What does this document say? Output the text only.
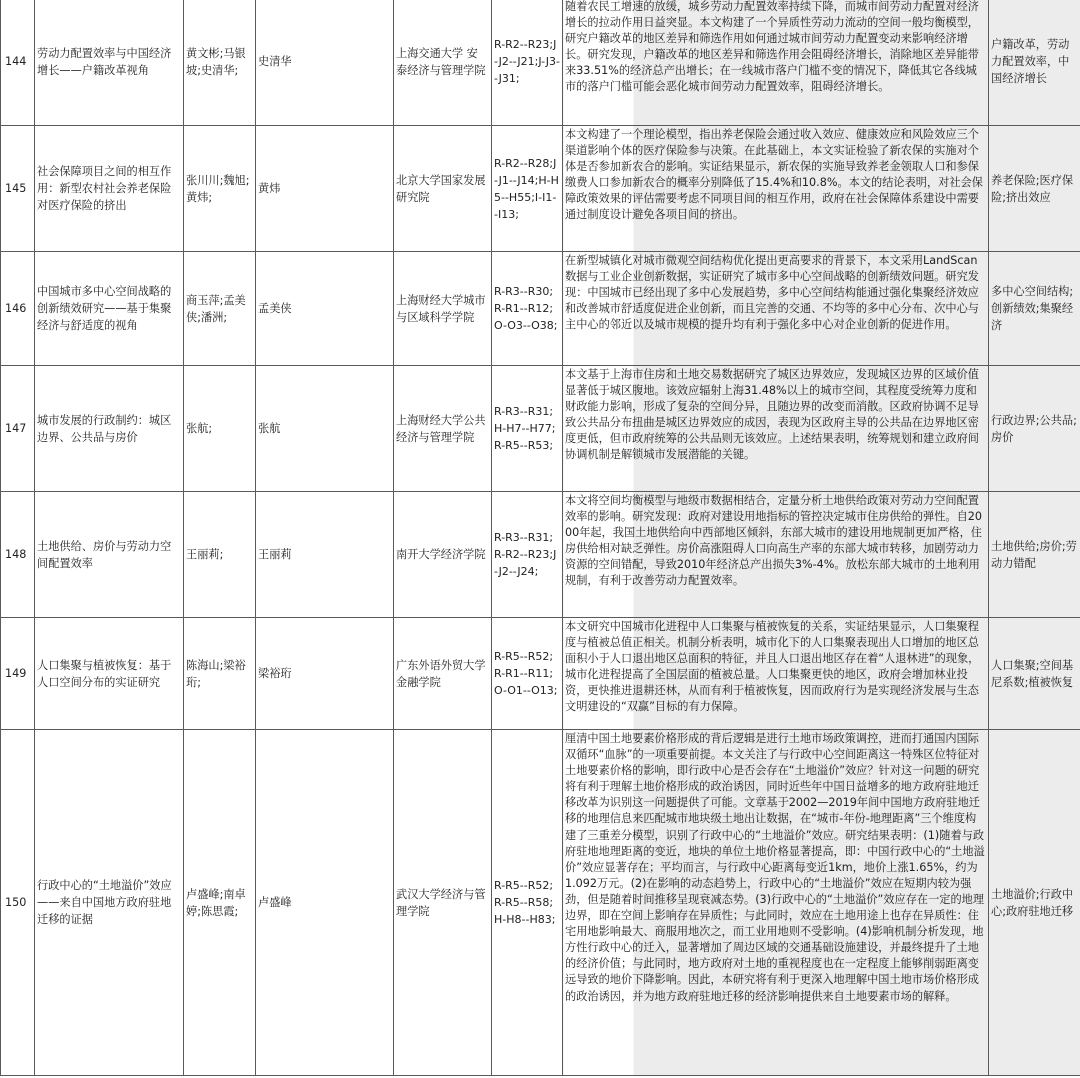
144	劳动力配置效率与中国经济增长——户籍改革视角	黄文彬;马银坡;史清华;	史清华	上海交通大学 安泰经济与管理学院	R-R2--R23;J-J2--J21;J-J3--J31;	随着农民工增速的放缓，城乡劳动力配置效率持续下降，而城市间劳动力配置对经济增长的拉动作用日益突显。本文构建了一个异质性劳动力流动的空间一般均衡模型，研究户籍改革的地区差异和筛选作用如何通过城市间劳动力配置变动来影响经济增长。研究发现，户籍改革的地区差异和筛选作用会阻碍经济增长，消除地区差异能带来33.51%的经济总产出增长；在一线城市落户门槛不变的情况下，降低其它各线城市的落户门槛可能会恶化城市间劳动力配置效率，阻碍经济增长。	户籍改革，劳动力配置效率，中国经济增长
145	社会保障项目之间的相互作用：新型农村社会养老保险对医疗保险的挤出	张川川;魏旭;黄炜;	黄炜	北京大学国家发展研究院	R-R2--R28;J-J1--J14;H-H5--H55;I-I1--I13;	本文构建了一个理论模型，指出养老保险会通过收入效应、健康效应和风险效应三个渠道影响个体的医疗保险参与决策。在此基础上，本文实证检验了新农保的实施对个体是否参加新农合的影响。实证结果显示，新农保的实施导致养老金领取人口和参保缴费人口参加新农合的概率分别降低了15.4%和10.8%。本文的结论表明，对社会保障政策效果的评估需要考虑不同项目间的相互作用，政府在社会保障体系建设中需要通过制度设计避免各项目间的挤出。	养老保险;医疗保险;挤出效应
146	中国城市多中心空间战略的创新绩效研究——基于集聚经济与舒适度的视角	商玉萍;孟美侠;潘洲;	孟美侠	上海财经大学城市与区域科学学院	R-R3--R30;R-R1--R12;O-O3--O38;	在新型城镇化对城市微观空间结构优化提出更高要求的背景下，本文采用LandScan数据与工业企业创新数据，实证研究了城市多中心空间战略的创新绩效问题。研究发现：中国城市已经出现了多中心发展趋势，多中心空间结构能通过强化集聚经济效应和改善城市舒适度促进企业创新，而且完善的交通、不均等的多中心分布、次中心与主中心的邻近以及城市规模的提升均有利于强化多中心对企业创新的促进作用。	多中心空间结构;创新绩效;集聚经济
147	城市发展的行政制约：城区边界、公共品与房价	张航;	张航	上海财经大学公共经济与管理学院	R-R3--R31;H-H7--H77;R-R5--R53;	本文基于上海市住房和土地交易数据研究了城区边界效应，发现城区边界的区域价值显著低于城区腹地。该效应辐射上海31.48%以上的城市空间，其程度受统筹力度和财政能力影响，形成了复杂的空间分异，且随边界的改变而消散。区政府协调不足导致公共品分布扭曲是城区边界效应的成因，表现为区政府主导的公共品在边界地区密度更低，但市政府统筹的公共品则无该效应。上述结果表明，统筹规划和建立政府间协调机制是解锁城市发展潜能的关键。	行政边界;公共品;房价
148	土地供给、房价与劳动力空间配置效率	王丽莉;	王丽莉	南开大学经济学院	R-R3--R31;R-R2--R23;J-J2--J24;	本文将空间均衡模型与地级市数据相结合，定量分析土地供给政策对劳动力空间配置效率的影响。研究发现：政府对建设用地指标的管控决定城市住房供给的弹性。自2000年起，我国土地供给向中西部地区倾斜，东部大城市的建设用地规制更加严格，住房供给相对缺乏弹性。房价高涨阻碍人口向高生产率的东部大城市转移，加剧劳动力资源的空间错配，导致2010年经济总产出损失3%-4%。放松东部大城市的土地利用规制，有利于改善劳动力配置效率。	土地供给;房价;劳动力错配
149	人口集聚与植被恢复：基于人口空间分布的实证研究	陈海山;梁裕珩;	梁裕珩	广东外语外贸大学金融学院	R-R5--R52;R-R1--R11;O-O1--O13;	本文研究中国城市化进程中人口集聚与植被恢复的关系，实证结果显示，人口集聚程度与植被总值正相关。机制分析表明，城市化下的人口集聚表现出人口增加的地区总面积小于人口退出地区总面积的特征，并且人口退出地区存在着“人退林进”的现象，城市化进程提高了全国层面的植被总量。人口集聚更快的地区，政府会增加林业投资，更快推进退耕还林，从而有利于植被恢复，因而政府行为是实现经济发展与生态文明建设的“双赢”目标的有力保障。	人口集聚;空间基尼系数;植被恢复
150	行政中心的“土地溢价”效应——来自中国地方政府驻地迁移的证据	卢盛峰;南卓婷;陈思霞;	卢盛峰	武汉大学经济与管理学院	R-R5--R52;R-R5--R58;H-H8--H83;	厘清中国土地要素价格形成的背后逻辑是进行土地市场政策调控，进而打通国内国际双循环“血脉”的一项重要前提。本文关注了与行政中心空间距离这一特殊区位特征对土地要素价格的影响，即行政中心是否会存在“土地溢价”效应？针对这一问题的研究将有利于理解土地价格形成的政治诱因，同时近些年中国日益增多的地方政府驻地迁移改革为识别这一问题提供了可能。文章基于2002—2019年间中国地方政府驻地迁移的地理信息来匹配城市地块级土地出让数据，在“城市-年份-地理距离”三个维度构建了三重差分模型，识别了行政中心的“土地溢价”效应。研究结果表明：(1)随着与政府驻地地理距离的变近，地块的单位土地价格显著提高，即：中国行政中心的“土地溢价”效应显著存在；平均而言，与行政中心距离每变近1km，地价上涨1.65%，约为1.092万元。(2)在影响的动态趋势上，行政中心的“土地溢价”效应在短期内较为强劲，但是随着时间推移呈现衰减态势。(3)行政中心的“土地溢价”效应存在一定的地理边界，即在空间上影响存在异质性；与此同时，效应在土地用途上也存在异质性：住宅用地影响最大、商服用地次之，而工业用地则不受影响。(4)影响机制分析发现，地方性行政中心的迁入，显著增加了周边区域的交通基础设施建设，并最终提升了土地的经济价值；与此同时，地方政府对土地的重视程度也在一定程度上能够削弱距离变远导致的地价下降影响。因此，本研究将有利于更深入地理解中国土地市场价格形成的政治诱因，并为地方政府驻地迁移的经济影响提供来自土地要素市场的解释。	土地溢价;行政中心;政府驻地迁移
